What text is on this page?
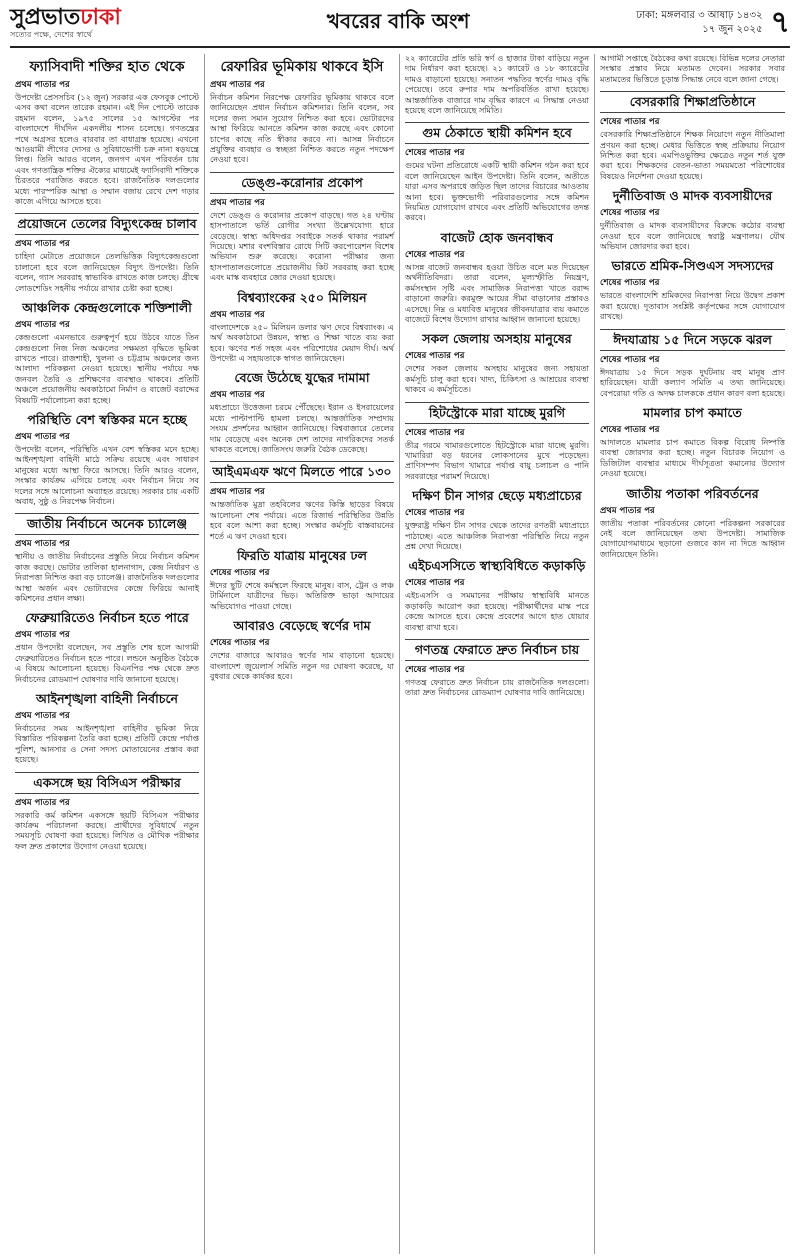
সুপ্রভাতঢাকা
সত্যের পক্ষে, দেশের স্বার্থে
খবরের বাকি অংশ	ঢাকা: মঙ্গলবার ৩ আষাঢ় ১৪৩২
১৭ জুন ২০২৫ ৭
ফ্যাসিবাদী শক্তির হাত থেকে
প্রথম পাতার পর

উপদেষ্টা প্রেসসচিব (১২ জুন) সরকার এক ফেসবুক পোস্টে এসব কথা বলেন তারেক রহমান। এই দিন পোস্টে তারেক রহমান বলেন, ১৯৭৫ সালের ১৫ আগস্টের পর বাংলাদেশে দীর্ঘদিন একদলীয় শাসন চলেছে। গণতন্ত্রের পথে অগ্রসর হলেও বারবার তা বাধাগ্রস্ত হয়েছে। এখনো আওয়ামী লীগের দোসর ও সুবিধাভোগী চক্র নানা ষড়যন্ত্রে লিপ্ত। তিনি আরও বলেন, জনগণ এখন পরিবর্তন চায় এবং গণতান্ত্রিক শক্তির ঐক্যের মাধ্যমেই ফ্যাসিবাদী শক্তিকে চিরতরে পরাজিত করতে হবে। রাজনৈতিক দলগুলোর মধ্যে পারস্পরিক আস্থা ও সম্মান বজায় রেখে দেশ গড়ার কাজে এগিয়ে আসতে হবে।

প্রয়োজনে তেলের বিদ্যুৎকেন্দ্র চালাব
প্রথম পাতার পর

চাহিদা মেটাতে প্রয়োজনে তেলভিত্তিক বিদ্যুৎকেন্দ্রগুলো চালানো হবে বলে জানিয়েছেন বিদ্যুৎ উপদেষ্টা। তিনি বলেন, গ্যাস সরবরাহ স্বাভাবিক রাখতে কাজ চলছে। গ্রীষ্মে লোডশেডিং সহনীয় পর্যায়ে রাখার চেষ্টা করা হচ্ছে।

আঞ্চলিক কেন্দ্রগুলোকে শক্তিশালী
প্রথম পাতার পর

কেন্দ্রগুলো এমনভাবে গুরুত্বপূর্ণ হয়ে উঠবে যাতে তিন কেন্দ্রগুলো নিজ নিজ অঞ্চলের সক্ষমতা বৃদ্ধিতে ভূমিকা রাখতে পারে। রাজশাহী, খুলনা ও চট্টগ্রাম অঞ্চলের জন্য আলাদা পরিকল্পনা নেওয়া হয়েছে। স্থানীয় পর্যায়ে দক্ষ জনবল তৈরি ও প্রশিক্ষণের ব্যবস্থাও থাকবে। প্রতিটি অঞ্চলে প্রয়োজনীয় অবকাঠামো নির্মাণ ও বাজেট বরাদ্দের বিষয়টি পর্যালোচনা করা হচ্ছে।

পরিস্থিতি বেশ স্বস্তিকর মনে হচ্ছে
প্রথম পাতার পর

উপদেষ্টা বলেন, পরিস্থিতি এখন বেশ স্বস্তিকর মনে হচ্ছে। আইনশৃঙ্খলা বাহিনী মাঠে সক্রিয় রয়েছে এবং সাধারণ মানুষের মধ্যে আস্থা ফিরে আসছে। তিনি আরও বলেন, সংস্কার কার্যক্রম এগিয়ে চলছে এবং নির্বাচন নিয়ে সব দলের সঙ্গে আলোচনা অব্যাহত রয়েছে। সরকার চায় একটি অবাধ, সুষ্ঠু ও নিরপেক্ষ নির্বাচন।

জাতীয় নির্বাচনে অনেক চ্যালেঞ্জ
প্রথম পাতার পর

স্থানীয় ও জাতীয় নির্বাচনের প্রস্তুতি নিয়ে নির্বাচন কমিশন কাজ করছে। ভোটার তালিকা হালনাগাদ, কেন্দ্র নির্ধারণ ও নিরাপত্তা নিশ্চিত করা বড় চ্যালেঞ্জ। রাজনৈতিক দলগুলোর আস্থা অর্জন এবং ভোটারদের কেন্দ্রে ফিরিয়ে আনাই কমিশনের প্রধান লক্ষ্য।

ফেব্রুয়ারিতেও নির্বাচন হতে পারে
প্রথম পাতার পর

প্রধান উপদেষ্টা বলেছেন, সব প্রস্তুতি শেষ হলে আগামী ফেব্রুয়ারিতেও নির্বাচন হতে পারে। লন্ডনে অনুষ্ঠিত বৈঠকে এ বিষয়ে আলোচনা হয়েছে। বিএনপির পক্ষ থেকে দ্রুত নির্বাচনের রোডম্যাপ ঘোষণার দাবি জানানো হয়েছে।

আইনশৃঙ্খলা বাহিনী নির্বাচনে
প্রথম পাতার পর

নির্বাচনের সময় আইনশৃঙ্খলা বাহিনীর ভূমিকা নিয়ে বিস্তারিত পরিকল্পনা তৈরি করা হচ্ছে। প্রতিটি কেন্দ্রে পর্যাপ্ত পুলিশ, আনসার ও সেনা সদস্য মোতায়েনের প্রস্তাব করা হয়েছে।

একসঙ্গে ছয় বিসিএস পরীক্ষার
প্রথম পাতার পর

সরকারি কর্ম কমিশন একসঙ্গে ছয়টি বিসিএস পরীক্ষার কার্যক্রম পরিচালনা করছে। প্রার্থীদের সুবিধার্থে নতুন সময়সূচি ঘোষণা করা হয়েছে। লিখিত ও মৌখিক পরীক্ষার ফল দ্রুত প্রকাশের উদ্যোগ নেওয়া হয়েছে।

রেফারির ভূমিকায় থাকবে ইসি
প্রথম পাতার পর

নির্বাচন কমিশন নিরপেক্ষ রেফারির ভূমিকায় থাকবে বলে জানিয়েছেন প্রধান নির্বাচন কমিশনার। তিনি বলেন, সব দলের জন্য সমান সুযোগ নিশ্চিত করা হবে। ভোটারদের আস্থা ফিরিয়ে আনতে কমিশন কাজ করছে এবং কোনো চাপের কাছে নতি স্বীকার করবে না। আসন্ন নির্বাচনে প্রযুক্তির ব্যবহার ও স্বচ্ছতা নিশ্চিত করতে নতুন পদক্ষেপ নেওয়া হবে।

ডেঙ্গু-করোনার প্রকোপ
প্রথম পাতার পর

দেশে ডেঙ্গু ও করোনার প্রকোপ বাড়ছে। গত ২৪ ঘণ্টায় হাসপাতালে ভর্তি রোগীর সংখ্যা উল্লেখযোগ্য হারে বেড়েছে। স্বাস্থ্য অধিদপ্তর সবাইকে সতর্ক থাকার পরামর্শ দিয়েছে। মশার বংশবিস্তার রোধে সিটি করপোরেশন বিশেষ অভিযান শুরু করেছে। করোনা পরীক্ষার জন্য হাসপাতালগুলোতে প্রয়োজনীয় কিট সরবরাহ করা হচ্ছে এবং মাস্ক ব্যবহারে জোর দেওয়া হয়েছে।

বিশ্বব্যাংকের ২৫০ মিলিয়ন
প্রথম পাতার পর

বাংলাদেশকে ২৫০ মিলিয়ন ডলার ঋণ দেবে বিশ্বব্যাংক। এ অর্থ অবকাঠামো উন্নয়ন, স্বাস্থ্য ও শিক্ষা খাতে ব্যয় করা হবে। ঋণের শর্ত সহজ এবং পরিশোধের মেয়াদ দীর্ঘ। অর্থ উপদেষ্টা এ সহায়তাকে স্বাগত জানিয়েছেন।

বেজে উঠেছে যুদ্ধের দামামা
প্রথম পাতার পর

মধ্যপ্রাচ্যে উত্তেজনা চরমে পৌঁছেছে। ইরান ও ইসরায়েলের মধ্যে পাল্টাপাল্টি হামলা চলছে। আন্তর্জাতিক সম্প্রদায় সংযম প্রদর্শনের আহ্বান জানিয়েছে। বিশ্ববাজারে তেলের দাম বেড়েছে এবং অনেক দেশ তাদের নাগরিকদের সতর্ক থাকতে বলেছে। জাতিসংঘ জরুরি বৈঠক ডেকেছে।

আইএমএফ ঋণে মিলতে পারে ১৩০
প্রথম পাতার পর

আন্তর্জাতিক মুদ্রা তহবিলের ঋণের কিস্তি ছাড়ের বিষয়ে আলোচনা শেষ পর্যায়ে। এতে রিজার্ভ পরিস্থিতির উন্নতি হবে বলে আশা করা হচ্ছে। সংস্কার কর্মসূচি বাস্তবায়নের শর্তে এ ঋণ দেওয়া হবে।

ফিরতি যাত্রায় মানুষের ঢল
শেষের পাতার পর

ঈদের ছুটি শেষে কর্মস্থলে ফিরছে মানুষ। বাস, ট্রেন ও লঞ্চ টার্মিনালে যাত্রীদের ভিড়। অতিরিক্ত ভাড়া আদায়ের অভিযোগও পাওয়া গেছে।

আবারও বেড়েছে স্বর্ণের দাম
শেষের পাতার পর

দেশের বাজারে আবারও স্বর্ণের দাম বাড়ানো হয়েছে। বাংলাদেশ জুয়েলার্স সমিতি নতুন দর ঘোষণা করেছে, যা বুধবার থেকে কার্যকর হবে।

২২ ক্যারেটের প্রতি ভরি স্বর্ণ ও হাজার টাকা বাড়িয়ে নতুন দাম নির্ধারণ করা হয়েছে। ২১ ক্যারেট ও ১৮ ক্যারেটের দামও বাড়ানো হয়েছে। সনাতন পদ্ধতির স্বর্ণের দামও বৃদ্ধি পেয়েছে। তবে রুপার দাম অপরিবর্তিত রাখা হয়েছে। আন্তর্জাতিক বাজারে দাম বৃদ্ধির কারণে এ সিদ্ধান্ত নেওয়া হয়েছে বলে জানিয়েছে সমিতি।

গুম ঠেকাতে স্থায়ী কমিশন হবে
শেষের পাতার পর

গুমের ঘটনা প্রতিরোধে একটি স্থায়ী কমিশন গঠন করা হবে বলে জানিয়েছেন আইন উপদেষ্টা। তিনি বলেন, অতীতে যারা এসব অপরাধে জড়িত ছিল তাদের বিচারের আওতায় আনা হবে। ভুক্তভোগী পরিবারগুলোর সঙ্গে কমিশন নিয়মিত যোগাযোগ রাখবে এবং প্রতিটি অভিযোগের তদন্ত করবে।

বাজেট হোক জনবান্ধব
শেষের পাতার পর

আসন্ন বাজেট জনবান্ধব হওয়া উচিত বলে মত দিয়েছেন অর্থনীতিবিদরা। তারা বলেন, মূল্যস্ফীতি নিয়ন্ত্রণ, কর্মসংস্থান সৃষ্টি এবং সামাজিক নিরাপত্তা খাতে বরাদ্দ বাড়ানো জরুরি। করমুক্ত আয়ের সীমা বাড়ানোর প্রস্তাবও এসেছে। নিম্ন ও মধ্যবিত্ত মানুষের জীবনযাত্রার ব্যয় কমাতে বাজেটে বিশেষ উদ্যোগ রাখার আহ্বান জানানো হয়েছে।

সকল জেলায় অসহায় মানুষের
শেষের পাতার পর

দেশের সকল জেলায় অসহায় মানুষের জন্য সহায়তা কর্মসূচি চালু করা হবে। খাদ্য, চিকিৎসা ও আশ্রয়ের ব্যবস্থা থাকবে এ কর্মসূচিতে।

হিটস্ট্রোকে মারা যাচ্ছে মুরগি
শেষের পাতার পর

তীব্র গরমে খামারগুলোতে হিটস্ট্রোকে মারা যাচ্ছে মুরগি। খামারিরা বড় ধরনের লোকসানের মুখে পড়েছেন। প্রাণিসম্পদ বিভাগ খামারে পর্যাপ্ত বায়ু চলাচল ও পানি সরবরাহের পরামর্শ দিয়েছে।

দক্ষিণ চীন সাগর ছেড়ে মধ্যপ্রাচ্যের
শেষের পাতার পর

যুক্তরাষ্ট্র দক্ষিণ চীন সাগর থেকে তাদের রণতরী মধ্যপ্রাচ্যে পাঠাচ্ছে। এতে আঞ্চলিক নিরাপত্তা পরিস্থিতি নিয়ে নতুন প্রশ্ন দেখা দিয়েছে।

এইচএসসিতে স্বাস্থ্যবিধিতে কড়াকড়ি
শেষের পাতার পর

এইচএসসি ও সমমানের পরীক্ষায় স্বাস্থ্যবিধি মানতে কড়াকড়ি আরোপ করা হয়েছে। পরীক্ষার্থীদের মাস্ক পরে কেন্দ্রে আসতে হবে। কেন্দ্রে প্রবেশের আগে হাত ধোয়ার ব্যবস্থা রাখা হবে।

গণতন্ত্র ফেরাতে দ্রুত নির্বাচন চায়
শেষের পাতার পর

গণতন্ত্র ফেরাতে দ্রুত নির্বাচন চায় রাজনৈতিক দলগুলো। তারা দ্রুত নির্বাচনের রোডম্যাপ ঘোষণার দাবি জানিয়েছে।

আগামী সপ্তাহে বৈঠকের কথা রয়েছে। বিভিন্ন দলের নেতারা সংস্কার প্রস্তাব নিয়ে মতামত দেবেন। সরকার সবার মতামতের ভিত্তিতে চূড়ান্ত সিদ্ধান্ত নেবে বলে জানা গেছে।

বেসরকারি শিক্ষাপ্রতিষ্ঠানে
শেষের পাতার পর

বেসরকারি শিক্ষাপ্রতিষ্ঠানে শিক্ষক নিয়োগে নতুন নীতিমালা প্রণয়ন করা হচ্ছে। মেধার ভিত্তিতে স্বচ্ছ প্রক্রিয়ায় নিয়োগ নিশ্চিত করা হবে। এমপিওভুক্তির ক্ষেত্রেও নতুন শর্ত যুক্ত করা হবে। শিক্ষকদের বেতন-ভাতা সময়মতো পরিশোধের বিষয়েও নির্দেশনা দেওয়া হয়েছে।

দুর্নীতিবাজ ও মাদক ব্যবসায়ীদের
শেষের পাতার পর

দুর্নীতিবাজ ও মাদক ব্যবসায়ীদের বিরুদ্ধে কঠোর ব্যবস্থা নেওয়া হবে বলে জানিয়েছে স্বরাষ্ট্র মন্ত্রণালয়। যৌথ অভিযান জোরদার করা হবে।

ভারতে শ্রমিক-সিণ্ডএস সদস্যদের
শেষের পাতার পর

ভারতে বাংলাদেশি শ্রমিকদের নিরাপত্তা নিয়ে উদ্বেগ প্রকাশ করা হয়েছে। দূতাবাস সংশ্লিষ্ট কর্তৃপক্ষের সঙ্গে যোগাযোগ রাখছে।

ঈদযাত্রায় ১৫ দিনে সড়কে ঝরল
শেষের পাতার পর

ঈদযাত্রায় ১৫ দিনে সড়ক দুর্ঘটনায় বহু মানুষ প্রাণ হারিয়েছেন। যাত্রী কল্যাণ সমিতি এ তথ্য জানিয়েছে। বেপরোয়া গতি ও অদক্ষ চালককে প্রধান কারণ বলা হয়েছে।

মামলার চাপ কমাতে
শেষের পাতার পর

আদালতে মামলার চাপ কমাতে বিকল্প বিরোধ নিষ্পত্তি ব্যবস্থা জোরদার করা হচ্ছে। নতুন বিচারক নিয়োগ ও ডিজিটাল ব্যবস্থার মাধ্যমে দীর্ঘসূত্রতা কমানোর উদ্যোগ নেওয়া হয়েছে।

জাতীয় পতাকা পরিবর্তনের
প্রথম পাতার পর

জাতীয় পতাকা পরিবর্তনের কোনো পরিকল্পনা সরকারের নেই বলে জানিয়েছেন তথ্য উপদেষ্টা। সামাজিক যোগাযোগমাধ্যমে ছড়ানো গুজবে কান না দিতে আহ্বান জানিয়েছেন তিনি।
